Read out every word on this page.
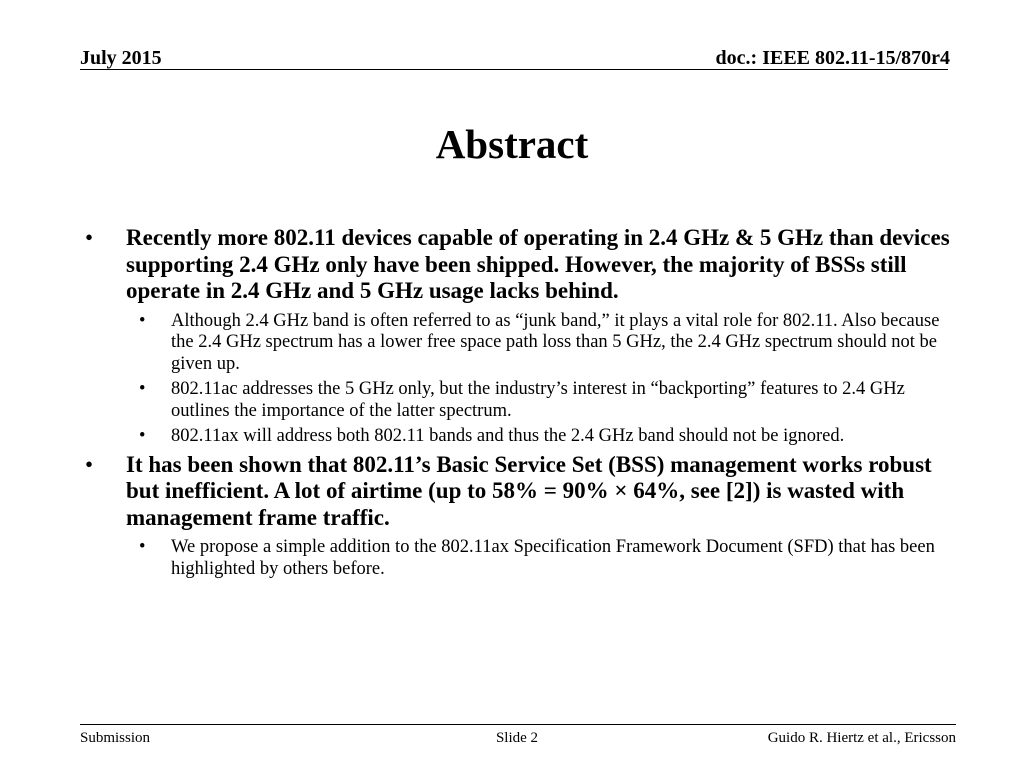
July 2015	doc.: IEEE 802.11-15/870r4
Abstract
• Recently more 802.11 devices capable of operating in 2.4 GHz & 5 GHz than devices supporting 2.4 GHz only have been shipped. However, the majority of BSSs still operate in 2.4 GHz and 5 GHz usage lacks behind.
• Although 2.4 GHz band is often referred to as “junk band,” it plays a vital role for 802.11. Also because the 2.4 GHz spectrum has a lower free space path loss than 5 GHz, the 2.4 GHz spectrum should not be given up.
• 802.11ac addresses the 5 GHz only, but the industry’s interest in “backporting” features to 2.4 GHz outlines the importance of the latter spectrum.
• 802.11ax will address both 802.11 bands and thus the 2.4 GHz band should not be ignored.
• It has been shown that 802.11’s Basic Service Set (BSS) management works robust but inefficient. A lot of airtime (up to 58% = 90% × 64%, see [2]) is wasted with management frame traffic.
• We propose a simple addition to the 802.11ax Specification Framework Document (SFD) that has been highlighted by others before.
Submission	Slide 2	Guido R. Hiertz et al., Ericsson
